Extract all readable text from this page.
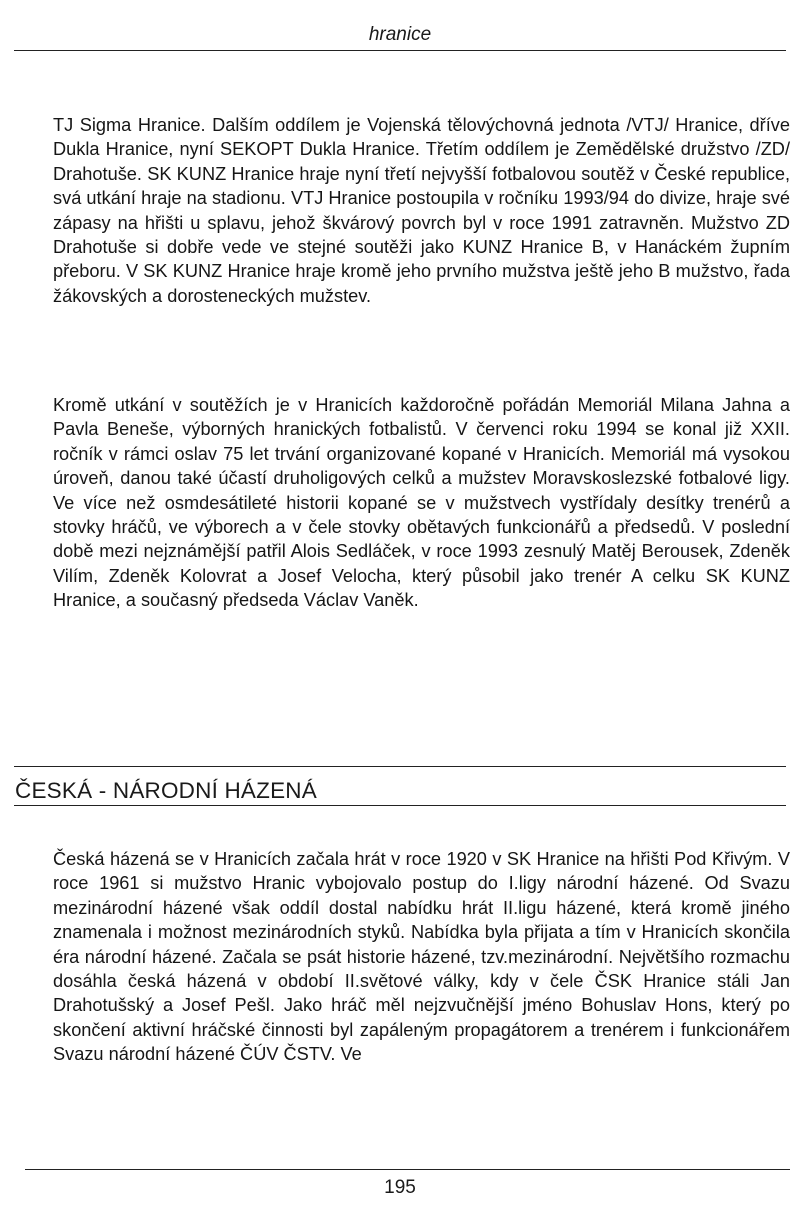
hranice

TJ Sigma Hranice. Dalším oddílem je Vojenská tělovýchovná jednota /VTJ/ Hranice, dříve Dukla Hranice, nyní SEKOPT Dukla Hranice. Třetím oddílem je Zemědělské družstvo /ZD/ Drahotuše. SK KUNZ Hranice hraje nyní třetí nejvyšší fotbalovou soutěž v České republice, svá utkání hraje na stadionu. VTJ Hranice postoupila v ročníku 1993/94 do divize, hraje své zápasy na hřišti u splavu, jehož škvárový povrch byl v roce 1991 zatravněn. Mužstvo ZD Drahotuše si dobře vede ve stejné soutěži jako KUNZ Hranice B, v Hanáckém župním přeboru. V SK KUNZ Hranice hraje kromě jeho prvního mužstva ještě jeho B mužstvo, řada žákovských a dorosteneckých mužstev.

Kromě utkání v soutěžích je v Hranicích každoročně pořádán Memoriál Milana Jahna a Pavla Beneše, výborných hranických fotbalistů. V červenci roku 1994 se konal již XXII. ročník v rámci oslav 75 let trvání organizované kopané v Hranicích. Memoriál má vysokou úroveň, danou také účastí druholigových celků a mužstev Moravskoslezské fotbalové ligy. Ve více než osmdesátileté historii kopané se v mužstvech vystřídaly desítky trenérů a stovky hráčů, ve výborech a v čele stovky obětavých funkcionářů a předsedů. V poslední době mezi nejznámější patřil Alois Sedláček, v roce 1993 zesnulý Matěj Berousek, Zdeněk Vilím, Zdeněk Kolovrat a Josef Velocha, který působil jako trenér A celku SK KUNZ Hranice, a současný předseda Václav Vaněk.

ČESKÁ - NÁRODNÍ HÁZENÁ

Česká házená se v Hranicích začala hrát v roce 1920 v SK Hranice na hřišti Pod Křivým. V roce 1961 si mužstvo Hranic vybojovalo postup do I.ligy národní házené. Od Svazu mezinárodní házené však oddíl dostal nabídku hrát II.ligu házené, která kromě jiného znamenala i možnost mezinárodních styků. Nabídka byla přijata a tím v Hranicích skončila éra národní házené. Začala se psát historie házené, tzv.mezinárodní. Největšího rozmachu dosáhla česká házená v období II.světové války, kdy v čele ČSK Hranice stáli Jan Drahotušský a Josef Pešl. Jako hráč měl nejzvučnější jméno Bohuslav Hons, který po skončení aktivní hráčské činnosti byl zapáleným propagátorem a trenérem i funkcionářem Svazu národní házené ČÚV ČSTV. Ve

195
